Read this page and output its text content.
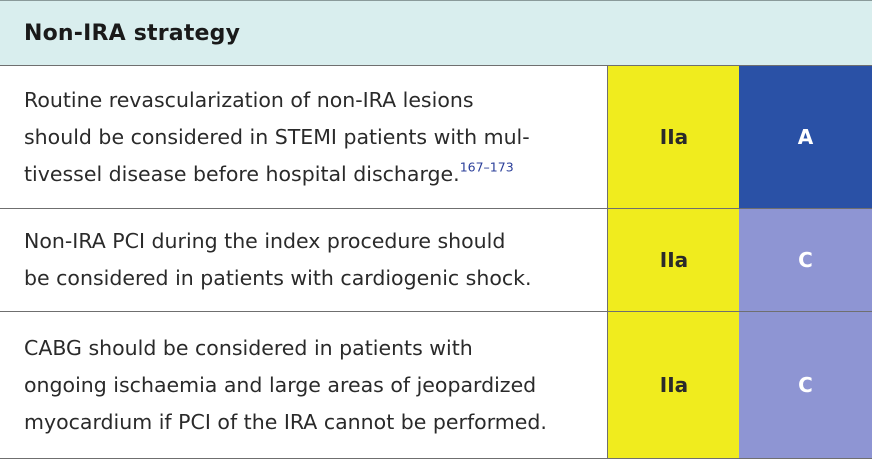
Non-IRA strategy
Routine revascularization of non-IRA lesions
should be considered in STEMI patients with mul-
tivessel disease before hospital discharge.$^{167-173}$
IIa	A
Non-IRA PCI during the index procedure should
be considered in patients with cardiogenic shock.
IIa	C
CABG should be considered in patients with
ongoing ischaemia and large areas of jeopardized
myocardium if PCI of the IRA cannot be performed.
IIa	C
